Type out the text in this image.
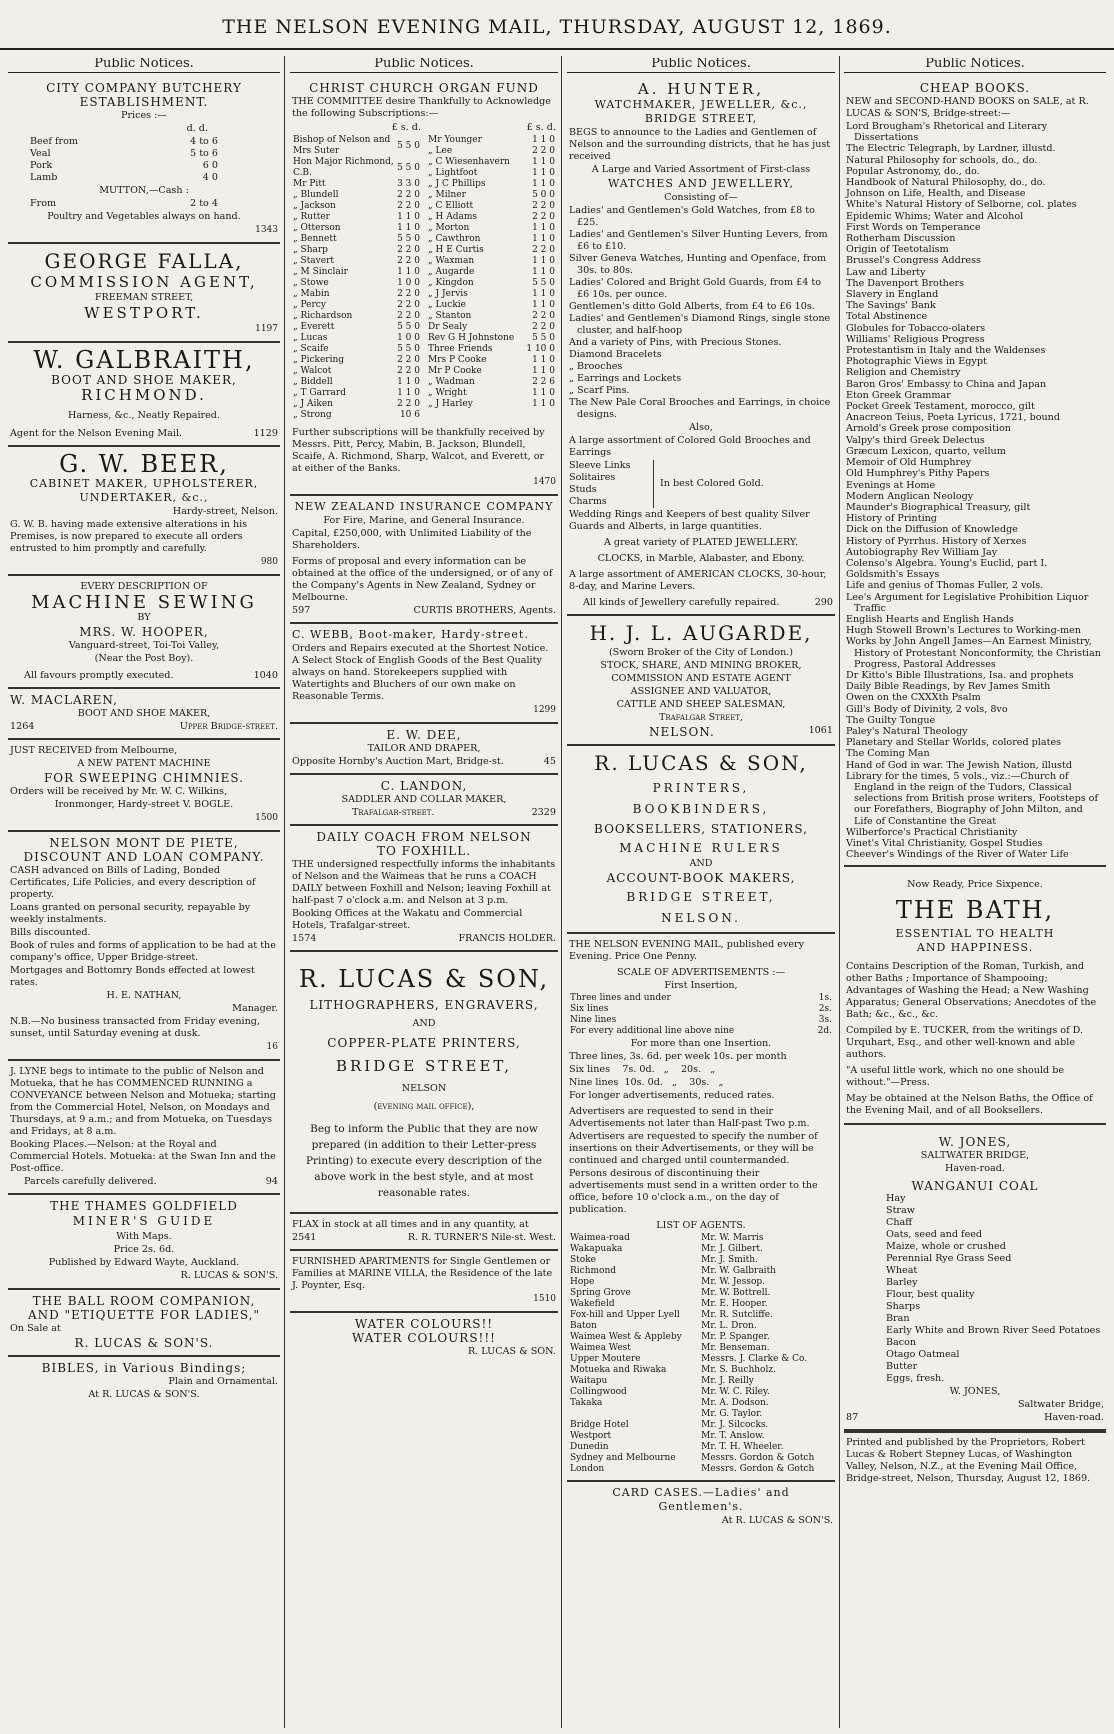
THE NELSON EVENING MAIL, THURSDAY, AUGUST 12, 1869.
Public Notices.
CITY COMPANY BUTCHERY
ESTABLISHMENT.

Prices :—

d. d.

Beef from	4 to 6
Veal	5 to 6
Pork	6 0
Lamb	4 0

MUTTON,—Cash :

From	2 to 4

Poultry and Vegetables always on hand.

1343

GEORGE FALLA,
COMMISSION AGENT,

FREEMAN STREET,

WESTPORT.

1197

W. GALBRAITH,
BOOT AND SHOE MAKER,
RICHMOND.

Harness, &c., Neatly Repaired.

Agent for the Nelson Evening Mail.	1129
G. W. BEER,
CABINET MAKER, UPHOLSTERER,
UNDERTAKER, &c.,

Hardy-street, Nelson.

G. W. B. having made extensive alterations in his Premises, is now prepared to execute all orders entrusted to him promptly and carefully.

980

EVERY DESCRIPTION OF

MACHINE SEWING

BY

MRS. W. HOOPER,

Vanguard-street, Toi-Toi Valley,

(Near the Post Boy).

All favours promptly executed.	1040
W. MACLAREN,

BOOT AND SHOE MAKER,

1264	Upper Bridge-street.

JUST RECEIVED from Melbourne,

A NEW PATENT MACHINE

FOR SWEEPING CHIMNIES.

Orders will be received by Mr. W. C. Wilkins,

Ironmonger, Hardy-street V. BOGLE.

1500

NELSON MONT DE PIETE,
DISCOUNT AND LOAN COMPANY.

CASH advanced on Bills of Lading, Bonded Certificates, Life Policies, and every description of property.

Loans granted on personal security, repayable by weekly instalments.

Bills discounted.

Book of rules and forms of application to be had at the company's office, Upper Bridge-street.

Mortgages and Bottomry Bonds effected at lowest rates.

H. E. NATHAN,

Manager.

N.B.—No business transacted from Friday evening, sunset, until Saturday evening at dusk.

16

J. LYNE begs to intimate to the public of Nelson and Motueka, that he has COMMENCED RUNNING a CONVEYANCE between Nelson and Motueka; starting from the Commercial Hotel, Nelson, on Mondays and Thursdays, at 9 a.m.; and from Motueka, on Tuesdays and Fridays, at 8 a.m.

Booking Places.—Nelson: at the Royal and Commercial Hotels. Motueka: at the Swan Inn and the Post-office.

Parcels carefully delivered.	94
THE THAMES GOLDFIELD
MINER'S GUIDE

With Maps.

Price 2s. 6d.

Published by Edward Wayte, Auckland.

R. LUCAS & SON'S.

THE BALL ROOM COMPANION,
AND "ETIQUETTE FOR LADIES,"

On Sale at

R. LUCAS & SON'S.
BIBLES, in Various Bindings;

Plain and Ornamental.

At R. LUCAS & SON'S.

Public Notices.
CHRIST CHURCH ORGAN FUND

THE COMMITTEE desire Thankfully to Acknowledge the following Subscriptions:—

£ s. d.

Bishop of Nelson and Mrs Suter	5 5 0
Hon Major Richmond, C.B.	5 5 0
Mr Pitt	3 3 0
„ Blundell	2 2 0
„ Jackson	2 2 0
„ Rutter	1 1 0
„ Otterson	1 1 0
„ Bennett	5 5 0
„ Sharp	2 2 0
„ Stavert	2 2 0
„ M Sinclair	1 1 0
„ Stowe	1 0 0
„ Mabin	2 2 0
„ Percy	2 2 0
„ Richardson	2 2 0
„ Everett	5 5 0
„ Lucas	1 0 0
„ Scaife	5 5 0
„ Pickering	2 2 0
„ Walcot	2 2 0
„ Biddell	1 1 0
„ T Garrard	1 1 0
„ J Aiken	2 2 0
„ Strong	10 6

£ s. d.

Mr Younger	1 1 0
„ Lee	2 2 0
„ C Wiesenhavern	1 1 0
„ Lightfoot	1 1 0
„ J C Phillips	1 1 0
„ Milner	5 0 0
„ C Elliott	2 2 0
„ H Adams	2 2 0
„ Morton	1 1 0
„ Cawthron	1 1 0
„ H E Curtis	2 2 0
„ Waxman	1 1 0
„ Augarde	1 1 0
„ Kingdon	5 5 0
„ J Jervis	1 1 0
„ Luckie	1 1 0
„ Stanton	2 2 0
Dr Sealy	2 2 0
Rev G H Johnstone	5 5 0
Three Friends	1 10 0
Mrs P Cooke	1 1 0
Mr P Cooke	1 1 0
„ Wadman	2 2 6
„ Wright	1 1 0
„ J Harley	1 1 0

Further subscriptions will be thankfully received by Messrs. Pitt, Percy, Mabin, B. Jackson, Blundell, Scaife, A. Richmond, Sharp, Walcot, and Everett, or at either of the Banks.

1470

NEW ZEALAND INSURANCE COMPANY

For Fire, Marine, and General Insurance.

Capital, £250,000, with Unlimited Liability of the Shareholders.

Forms of proposal and every information can be obtained at the office of the undersigned, or of any of the Company's Agents in New Zealand, Sydney or Melbourne.

597	CURTIS BROTHERS, Agents.
C. WEBB, Boot-maker, Hardy-street.

Orders and Repairs executed at the Shortest Notice. A Select Stock of English Goods of the Best Quality always on hand. Storekeepers supplied with Watertights and Bluchers of our own make on Reasonable Terms.

1299

E. W. DEE,

TAILOR AND DRAPER,

Opposite Hornby's Auction Mart, Bridge-st.	45
C. LANDON,

SADDLER AND COLLAR MAKER,

Trafalgar-street.	2329
DAILY COACH FROM NELSON
TO FOXHILL.

THE undersigned respectfully informs the inhabitants of Nelson and the Waimeas that he runs a COACH DAILY between Foxhill and Nelson; leaving Foxhill at half-past 7 o'clock a.m. and Nelson at 3 p.m.

Booking Offices at the Wakatu and Commercial Hotels, Trafalgar-street.

1574	FRANCIS HOLDER.
R. LUCAS & SON,
LITHOGRAPHERS, ENGRAVERS,

AND

COPPER-PLATE PRINTERS,
BRIDGE STREET,

NELSON

(evening mail office),

Beg to inform the Public that they are now prepared (in addition to their Letter-press Printing) to execute every description of the above work in the best style, and at most reasonable rates.

FLAX in stock at all times and in any quantity, at

2541	R. R. TURNER'S Nile-st. West.

FURNISHED APARTMENTS for Single Gentlemen or Families at MARINE VILLA, the Residence of the late J. Poynter, Esq.

1510

WATER COLOURS!!
WATER COLOURS!!!

R. LUCAS & SON.

Public Notices.
A. HUNTER,
WATCHMAKER, JEWELLER, &c.,
BRIDGE STREET,

BEGS to announce to the Ladies and Gentlemen of Nelson and the surrounding districts, that he has just received

A Large and Varied Assortment of First-class

WATCHES AND JEWELLERY,

Consisting of—

Ladies' and Gentlemen's Gold Watches, from £8 to £25.

Ladies' and Gentlemen's Silver Hunting Levers, from £6 to £10.

Silver Geneva Watches, Hunting and Openface, from 30s. to 80s.

Ladies' Colored and Bright Gold Guards, from £4 to £6 10s. per ounce.

Gentlemen's ditto Gold Alberts, from £4 to £6 10s.

Ladies' and Gentlemen's Diamond Rings, single stone cluster, and half-hoop

And a variety of Pins, with Precious Stones.

Diamond Bracelets

„ Brooches

„ Earrings and Lockets

„ Scarf Pins.

The New Pale Coral Brooches and Earrings, in choice designs.

Also,

A large assortment of Colored Gold Brooches and Earrings

Sleeve Links

Solitaires

Studs

Charms

In best Colored Gold.

Wedding Rings and Keepers of best quality Silver Guards and Alberts, in large quantities.

A great variety of PLATED JEWELLERY.

CLOCKS, in Marble, Alabaster, and Ebony.

A large assortment of AMERICAN CLOCKS, 30-hour, 8-day, and Marine Levers.

All kinds of Jewellery carefully repaired.	290
H. J. L. AUGARDE,

(Sworn Broker of the City of London.)

STOCK, SHARE, AND MINING BROKER,

COMMISSION AND ESTATE AGENT

ASSIGNEE AND VALUATOR,

CATTLE AND SHEEP SALESMAN,

Trafalgar Street,

NELSON.	1061
R. LUCAS & SON,
PRINTERS,
BOOKBINDERS,
BOOKSELLERS, STATIONERS,
MACHINE RULERS

AND

ACCOUNT-BOOK MAKERS,
BRIDGE STREET,
NELSON.

THE NELSON EVENING MAIL, published every Evening. Price One Penny.

SCALE OF ADVERTISEMENTS :—

First Insertion,

Three lines and under	1s.
Six lines	2s.
Nine lines	3s.
For every additional line above nine	2d.

For more than one Insertion.

Three lines, 3s. 6d. per week 10s. per month

Six lines    7s. 0d.   „    20s.   „

Nine lines  10s. 0d.   „    30s.   „

For longer advertisements, reduced rates.

Advertisers are requested to send in their Advertisements not later than Half-past Two p.m.

Advertisers are requested to specify the number of insertions on their Advertisements, or they will be continued and charged until countermanded.

Persons desirous of discontinuing their advertisements must send in a written order to the office, before 10 o'clock a.m., on the day of publication.

LIST OF AGENTS.

Waimea-road	Mr. W. Marris
Wakapuaka	Mr. J. Gilbert.
Stoke	Mr. J. Smith.
Richmond	Mr. W. Galbraith
Hope	Mr. W. Jessop.
Spring Grove	Mr. W. Bottrell.
Wakefield	Mr. E. Hooper.
Fox-hill and Upper Lyell	Mr. R. Sutcliffe.
Baton	Mr. L. Dron.
Waimea West & Appleby	Mr. P. Spanger.
Waimea West	Mr. Benseman.
Upper Moutere	Messrs. J. Clarke & Co.
Motueka and Riwaka	Mr. S. Buchholz.
Waitapu	Mr. J. Reilly
Collingwood	Mr. W. C. Riley.
Takaka	Mr. A. Dodson.
	Mr. G. Taylor.
Bridge Hotel	Mr. J. Silcocks.
Westport	Mr. T. Anslow.
Dunedin	Mr. T. H. Wheeler.
Sydney and Melbourne	Messrs. Gordon & Gotch
London	Messrs. Gordon & Gotch
CARD CASES.—Ladies' and Gentlemen's.

At R. LUCAS & SON'S.

Public Notices.
CHEAP BOOKS.

NEW and SECOND-HAND BOOKS on SALE, at R. LUCAS & SON'S, Bridge-street:—

Lord Brougham's Rhetorical and Literary Dissertations

The Electric Telegraph, by Lardner, illustd.

Natural Philosophy for schools, do., do.

Popular Astronomy, do., do.

Handbook of Natural Philosophy, do., do.

Johnson on Life, Health, and Disease

White's Natural History of Selborne, col. plates

Epidemic Whims; Water and Alcohol

First Words on Temperance

Rotherham Discussion

Origin of Teetotalism

Brussel's Congress Address

Law and Liberty

The Davenport Brothers

Slavery in England

The Savings' Bank

Total Abstinence

Globules for Tobacco-olaters

Williams' Religious Progress

Protestantism in Italy and the Waldenses

Photographic Views in Egypt

Religion and Chemistry

Baron Gros' Embassy to China and Japan

Eton Greek Grammar

Pocket Greek Testament, morocco, gilt

Anacreon Teius, Poeta Lyricus, 1721, bound

Arnold's Greek prose composition

Valpy's third Greek Delectus

Græcum Lexicon, quarto, vellum

Memoir of Old Humphrey

Old Humphrey's Pithy Papers

Evenings at Home

Modern Anglican Neology

Maunder's Biographical Treasury, gilt

History of Printing

Dick on the Diffusion of Knowledge

History of Pyrrhus. History of Xerxes

Autobiography Rev William Jay

Colenso's Algebra. Young's Euclid, part I.

Goldsmith's Essays

Life and genius of Thomas Fuller, 2 vols.

Lee's Argument for Legislative Prohibition Liquor Traffic

English Hearts and English Hands

Hugh Stowell Brown's Lectures to Working-men

Works by John Angell James—An Earnest Ministry, History of Protestant Nonconformity, the Christian Progress, Pastoral Addresses

Dr Kitto's Bible Illustrations, Isa. and prophets

Daily Bible Readings, by Rev James Smith

Owen on the CXXXth Psalm

Gill's Body of Divinity, 2 vols, 8vo

The Guilty Tongue

Paley's Natural Theology

Planetary and Stellar Worlds, colored plates

The Coming Man

Hand of God in war. The Jewish Nation, illustd

Library for the times, 5 vols., viz.:—Church of England in the reign of the Tudors, Classical selections from British prose writers, Footsteps of our Forefathers, Biography of John Milton, and Life of Constantine the Great

Wilberforce's Practical Christianity

Vinet's Vital Christianity, Gospel Studies

Cheever's Windings of the River of Water Life

Now Ready, Price Sixpence.

THE BATH,
ESSENTIAL TO HEALTH
AND HAPPINESS.

Contains Description of the Roman, Turkish, and other Baths ; Importance of Shampooing; Advantages of Washing the Head; a New Washing Apparatus; General Observations; Anecdotes of the Bath; &c., &c., &c.

Compiled by E. TUCKER, from the writings of D. Urquhart, Esq., and other well-known and able authors.

"A useful little work, which no one should be without."—Press.

May be obtained at the Nelson Baths, the Office of the Evening Mail, and of all Booksellers.

W. JONES,

SALTWATER BRIDGE,

Haven-road.

WANGANUI COAL

Hay

Straw

Chaff

Oats, seed and feed

Maize, whole or crushed

Perennial Rye Grass Seed

Wheat

Barley

Flour, best quality

Sharps

Bran

Early White and Brown River Seed Potatoes

Bacon

Otago Oatmeal

Butter

Eggs, fresh.

W. JONES,

Saltwater Bridge,

87	Haven-road.

Printed and published by the Proprietors, Robert Lucas & Robert Stepney Lucas, of Washington Valley, Nelson, N.Z., at the Evening Mail Office, Bridge-street, Nelson, Thursday, August 12, 1869.
